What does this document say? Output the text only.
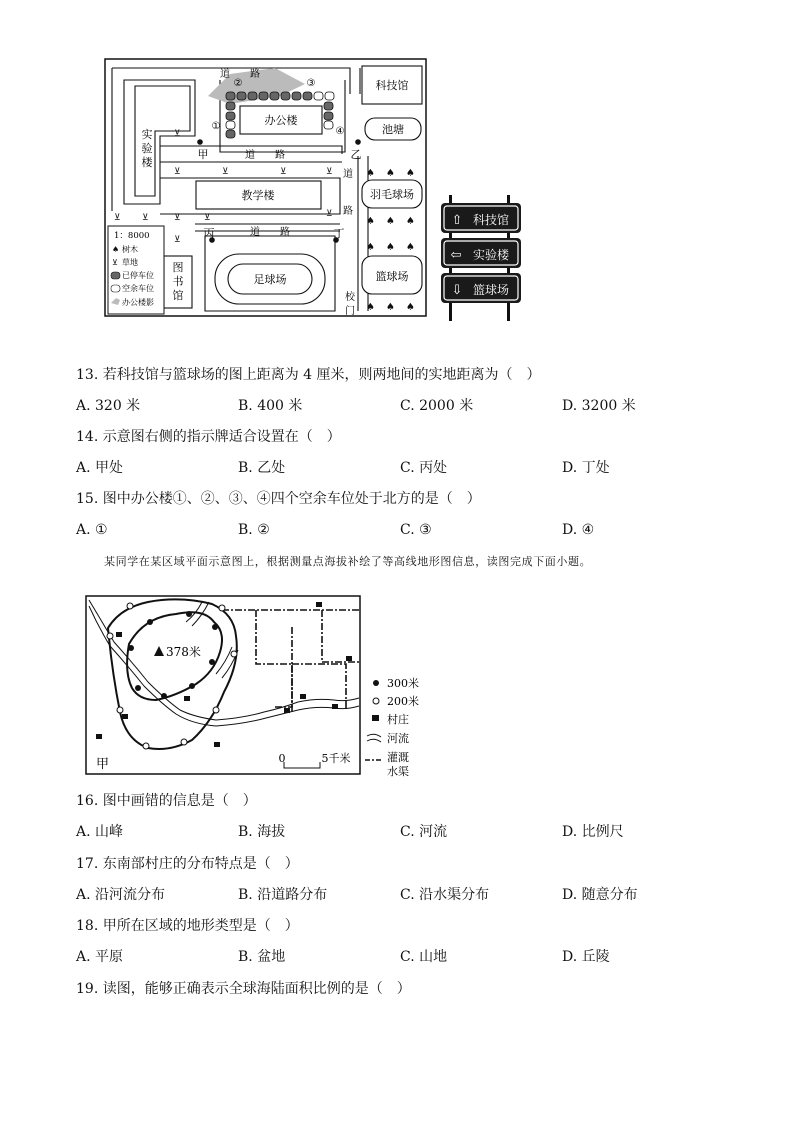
办公楼
②	③
①	④
道　　路
道　　路
道　　路
道
路
实
验
楼
科技馆
池塘
教学楼	羽毛球场
足球场	篮球场
图
书
馆	校
门
甲	乙
丙	丁
♠ ♠ ♠
♠ ♠ ♠
♠ ♠ ♠
♠ ♠ ♠
⊻
⊻	⊻	⊻	⊻
⊻
⊻ ⊻	⊻	⊻
⊻
1：8000
♠ 树木
⊻ 草地
已停车位
空余车位
办公楼影
⇧ 科技馆
⇦ 实验楼
⇩ 篮球场
13. 若科技馆与篮球场的图上距离为 4 厘米，则两地间的实地距离为（　）
A. 320 米	B. 400 米	C. 2000 米	D. 3200 米
14. 示意图右侧的指示牌适合设置在（　）
A. 甲处	B. 乙处	C. 丙处	D. 丁处
15. 图中办公楼①、②、③、④四个空余车位处于北方的是（　）
A. ①	B. ②	C. ③	D. ④
某同学在某区域平面示意图上，根据测量点海拔补绘了等高线地形图信息，读图完成下面小题。
378米
甲	0	5千米
300米
200米
村庄
河流
灌溉
水渠
16. 图中画错的信息是（　）
A. 山峰	B. 海拔	C. 河流	D. 比例尺
17. 东南部村庄的分布特点是（　）
A. 沿河流分布	B. 沿道路分布	C. 沿水渠分布	D. 随意分布
18. 甲所在区域的地形类型是（　）
A. 平原	B. 盆地	C. 山地	D. 丘陵
19. 读图，能够正确表示全球海陆面积比例的是（　）
